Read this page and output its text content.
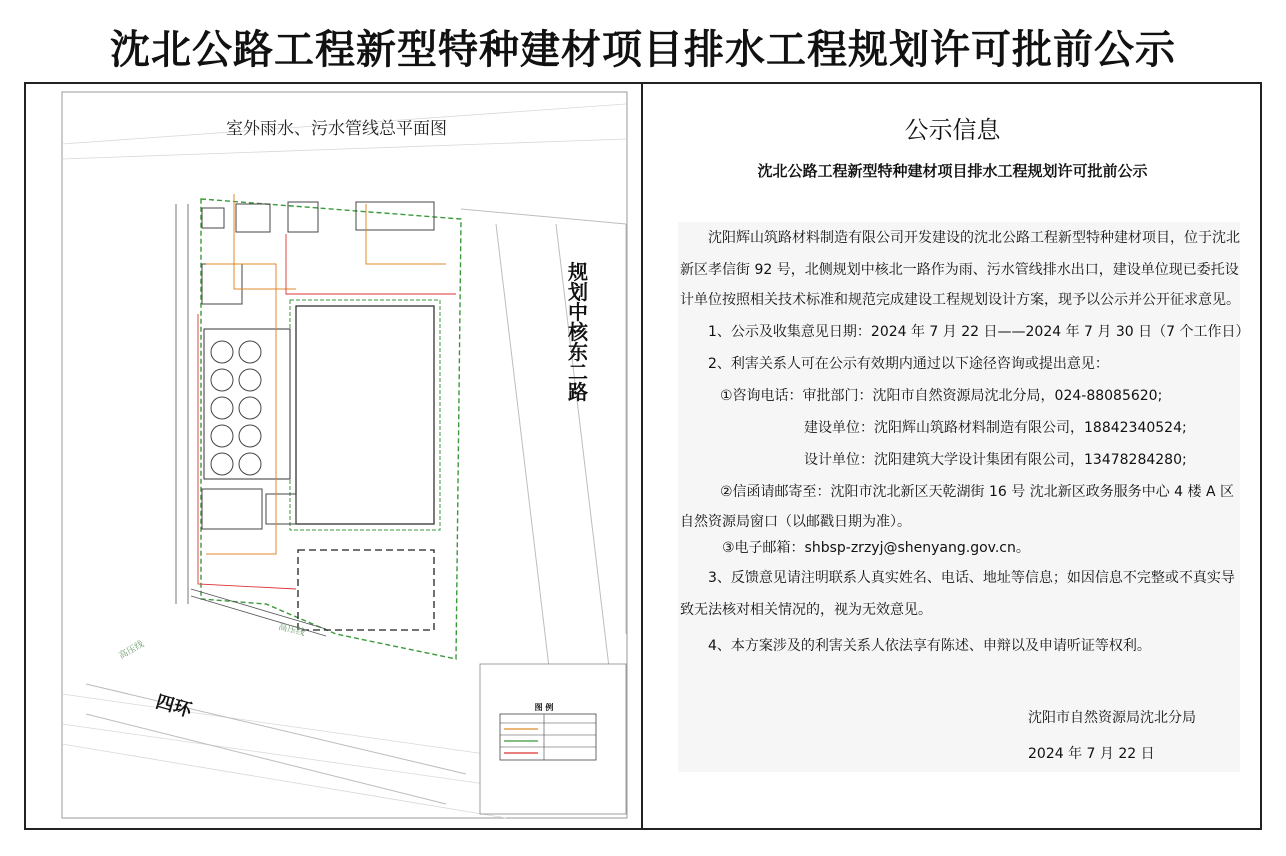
沈北公路工程新型特种建材项目排水工程规划许可批前公示
图 例
高压线
高压线
室外雨水、污水管线总平面图
规划中核东二路
四环
公示信息
沈北公路工程新型特种建材项目排水工程规划许可批前公示
沈阳辉山筑路材料制造有限公司开发建设的沈北公路工程新型特种建材项目，位于沈北
新区孝信街 92 号，北侧规划中核北一路作为雨、污水管线排水出口，建设单位现已委托设
计单位按照相关技术标准和规范完成建设工程规划设计方案，现予以公示并公开征求意见。
1、公示及收集意见日期：2024 年 7 月 22 日——2024 年 7 月 30 日（7 个工作日）
2、利害关系人可在公示有效期内通过以下途径咨询或提出意见：
①咨询电话：审批部门：沈阳市自然资源局沈北分局，024-88085620;
建设单位：沈阳辉山筑路材料制造有限公司，18842340524;
设计单位：沈阳建筑大学设计集团有限公司，13478284280;
②信函请邮寄至：沈阳市沈北新区天乾湖街 16 号 沈北新区政务服务中心 4 楼 A 区
自然资源局窗口（以邮戳日期为准）。
③电子邮箱：shbsp-zrzyj@shenyang.gov.cn。
3、反馈意见请注明联系人真实姓名、电话、地址等信息；如因信息不完整或不真实导
致无法核对相关情况的，视为无效意见。
4、本方案涉及的利害关系人依法享有陈述、申辩以及申请听证等权利。
沈阳市自然资源局沈北分局
2024 年 7 月 22 日
